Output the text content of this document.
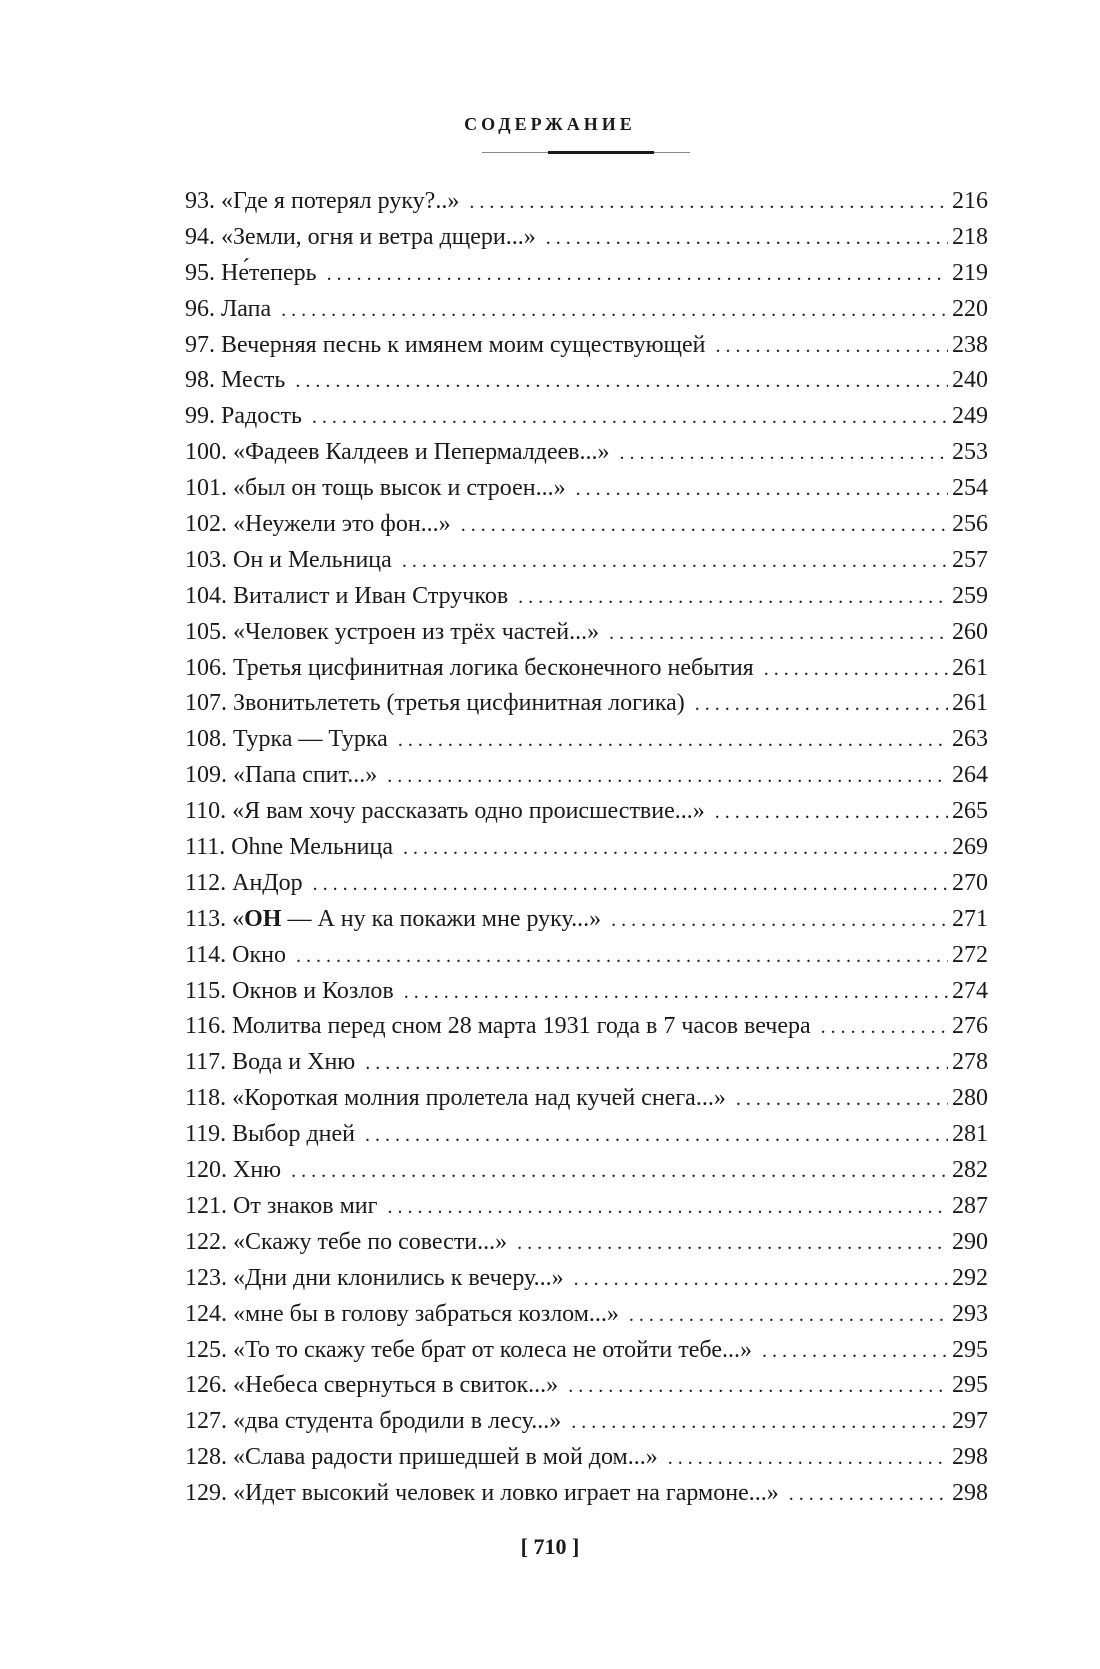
СОДЕРЖАНИЕ
93. «Где я потерял руку?..» . . .	216
94. «Земли, огня и ветра дщери...» . . .	218
95. Не́теперь . . .	219
96. Лапа . . .	220
97. Вечерняя песнь к имянем моим существующей . . .	238
98. Месть . . .	240
99. Радость . . .	249
100. «Фадеев Калдеев и Пепермалдеев...» . . .	253
101. «был он тощь высок и строен...» . . .	254
102. «Неужели это фон...» . . .	256
103. Он и Мельница . . .	257
104. Виталист и Иван Стручков . . .	259
105. «Человек устроен из трёх частей...» . . .	260
106. Третья цисфинитная логика бесконечного небытия . . .	261
107. Звонитьлететь (третья цисфинитная логика) . . .	261
108. Турка — Турка . . .	263
109. «Папа спит...» . . .	264
110. «Я вам хочу рассказать одно происшествие...» . . .	265
111. Ohne Мельница . . .	269
112. АнДор . . .	270
113. «ОН — А ну ка покажи мне руку...» . . .	271
114. Окно . . .	272
115. Окнов и Козлов . . .	274
116. Молитва перед сном 28 марта 1931 года в 7 часов вечера . . .	276
117. Вода и Хню . . .	278
118. «Короткая молния пролетела над кучей снега...» . . .	280
119. Выбор дней . . .	281
120. Хню . . .	282
121. От знаков миг . . .	287
122. «Скажу тебе по совести...» . . .	290
123. «Дни дни клонились к вечеру...» . . .	292
124. «мне бы в голову забраться козлом...» . . .	293
125. «То то скажу тебе брат от колеса не отойти тебе...» . . .	295
126. «Небеса свернуться в свиток...» . . .	295
127. «два студента бродили в лесу...» . . .	297
128. «Слава радости пришедшей в мой дом...» . . .	298
129. «Идет высокий человек и ловко играет на гармоне...» . . .	298
[ 710 ]
